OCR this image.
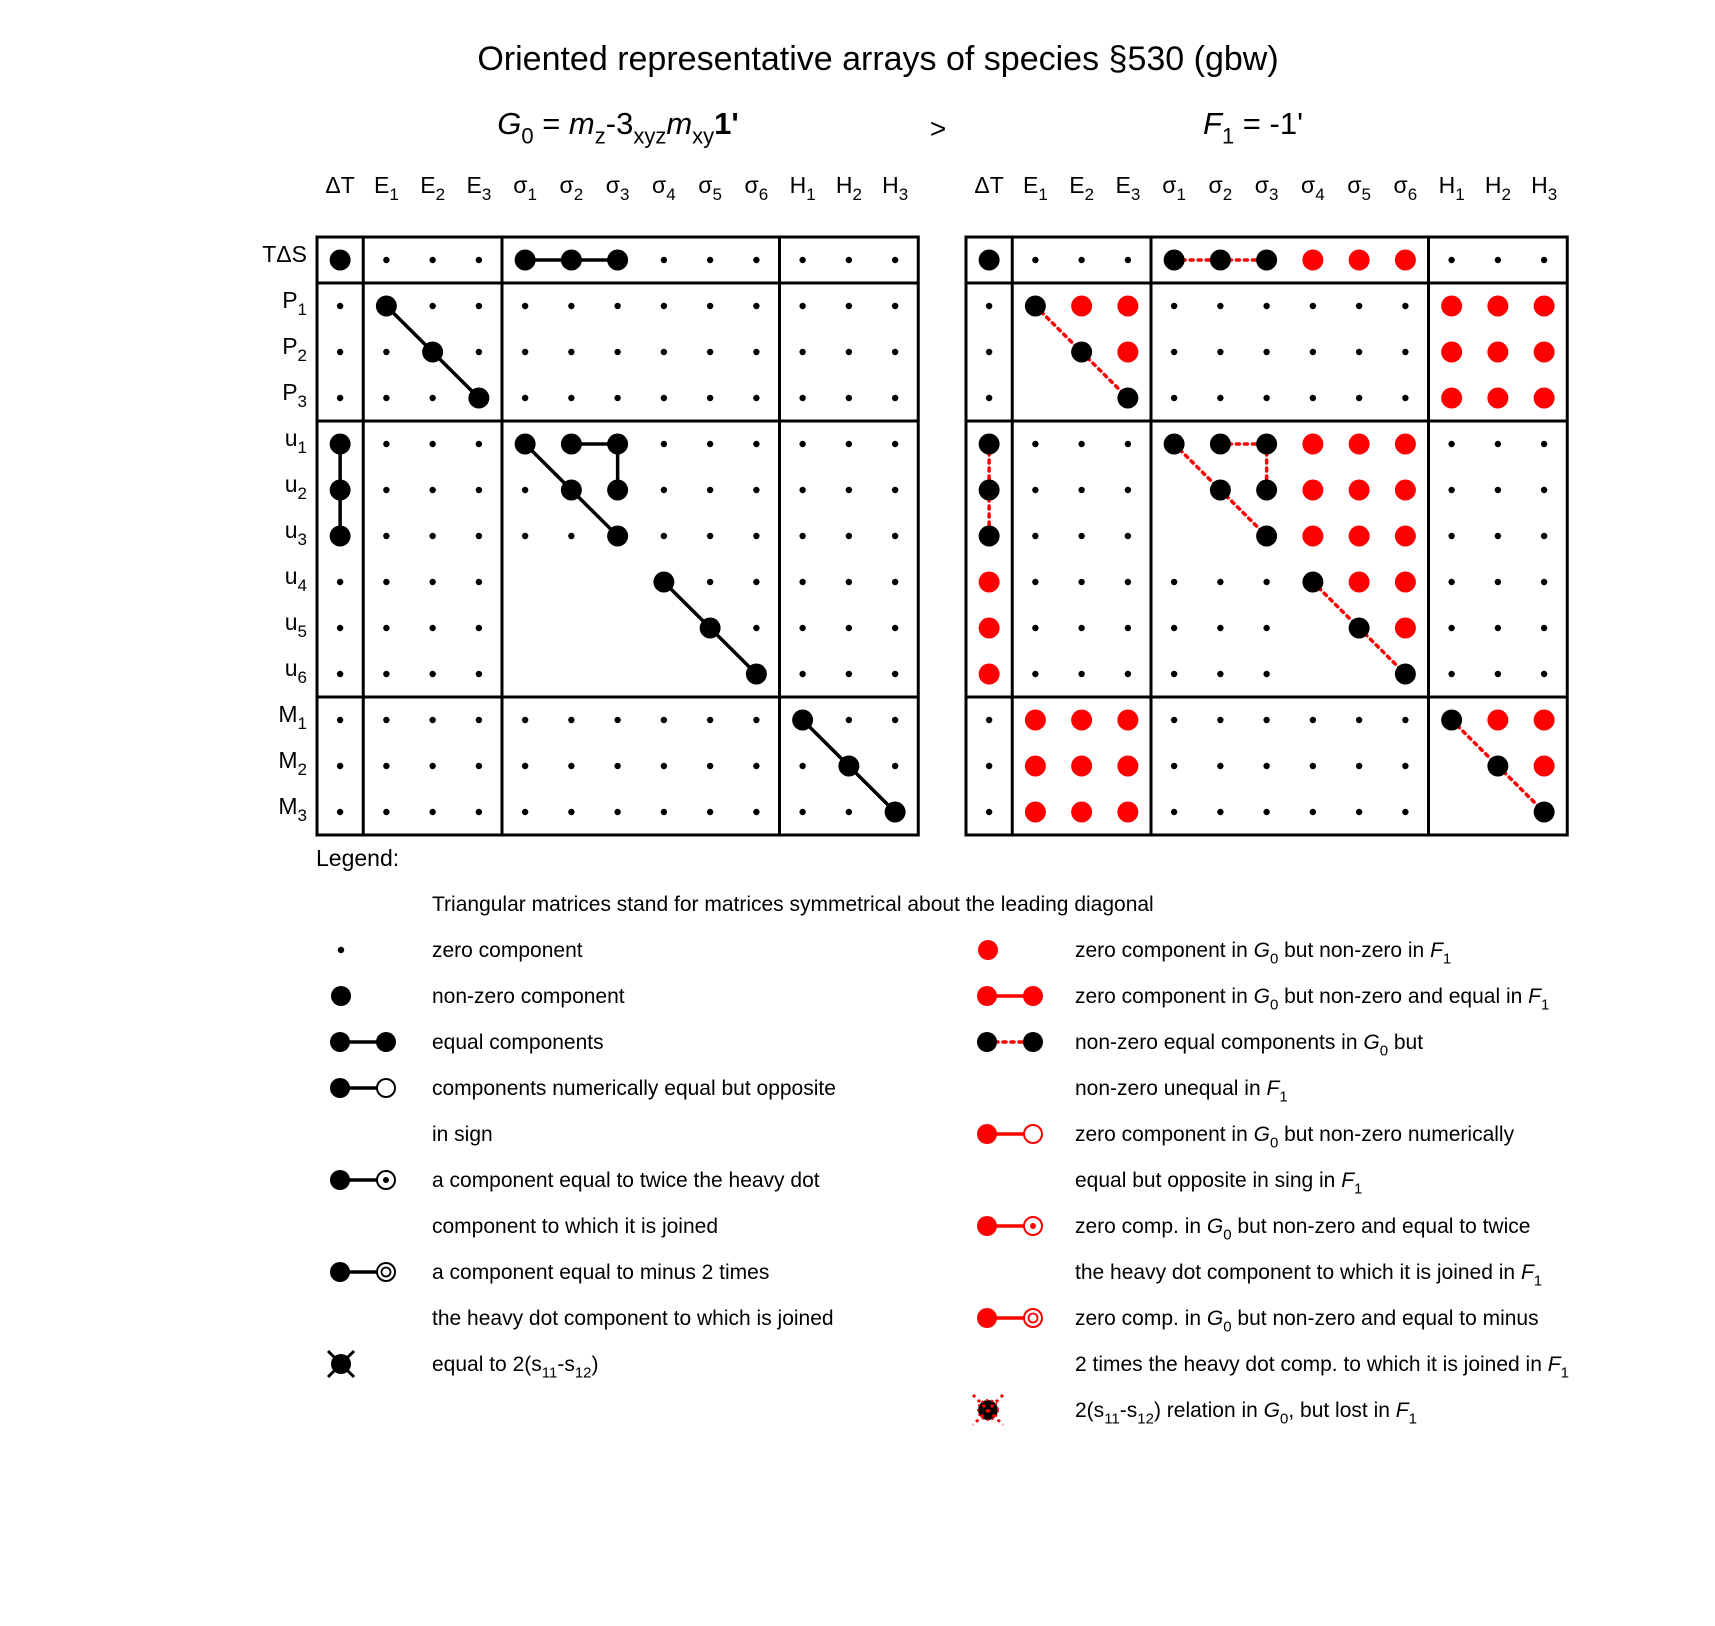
Oriented representative arrays of species §530 (gbw)
$G_0 = m_z-3_{xyz}m_{xy}1'$	>	$F_1 = -1'$
ΔT $E_1$ $E_2$ $E_3$ $\sigma_1$ $\sigma_2$ $\sigma_3$ $\sigma_4$ $\sigma_5$ $\sigma_6$ $H_1$ $H_2$ $H_3$
TΔS
$P_1$
$P_2$
$P_3$
$u_1$
$u_2$
$u_3$
$u_4$
$u_5$
$u_6$
$M_1$
$M_2$
$M_3$
ΔT $E_1$ $E_2$ $E_3$ $\sigma_1$ $\sigma_2$ $\sigma_3$ $\sigma_4$ $\sigma_5$ $\sigma_6$ $H_1$ $H_2$ $H_3$
Legend:
Triangular matrices stand for matrices symmetrical about the leading diagonal
zero component
non-zero component
equal components
components numerically equal but opposite
in sign
a component equal to twice the heavy dot
component to which it is joined
a component equal to minus 2 times
the heavy dot component to which is joined
equal to $2(s_{11}-s_{12})$
zero component in $G_0$ but non-zero in $F_1$
zero component in $G_0$ but non-zero and equal in $F_1$
non-zero equal components in $G_0$ but
non-zero unequal in $F_1$
zero component in $G_0$ but non-zero numerically
equal but opposite in sing in $F_1$
zero comp. in $G_0$ but non-zero and equal to twice
the heavy dot component to which it is joined in $F_1$
zero comp. in $G_0$ but non-zero and equal to minus
2 times the heavy dot comp. to which it is joined in $F_1$
$2(s_{11}-s_{12})$ relation in $G_0$, but lost in $F_1$
